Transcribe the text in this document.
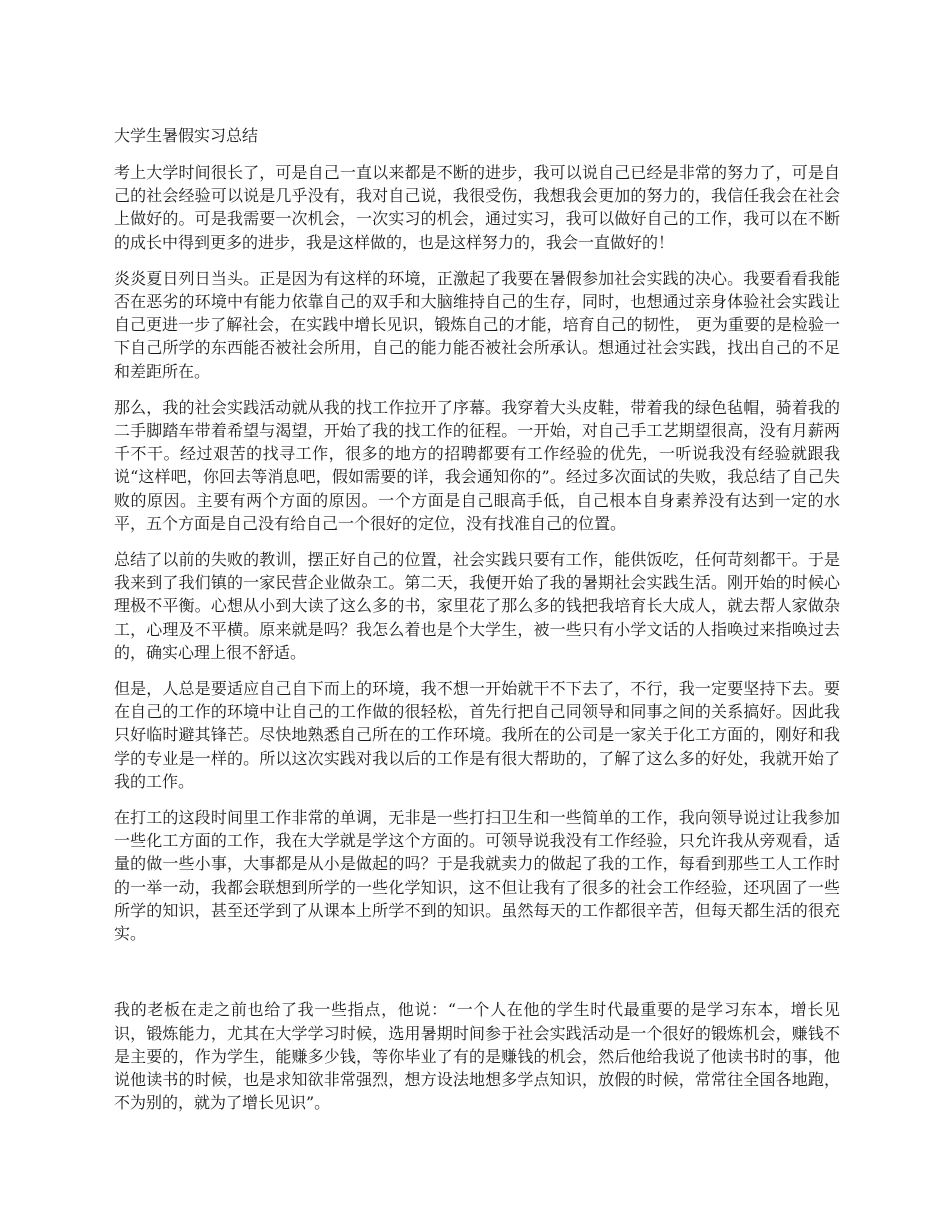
大学生暑假实习总结

考上大学时间很长了，可是自己一直以来都是不断的进步，我可以说自己已经是非常的努力了，可是自己的社会经验可以说是几乎没有，我对自己说，我很受伤，我想我会更加的努力的，我信任我会在社会上做好的。可是我需要一次机会，一次实习的机会，通过实习，我可以做好自己的工作，我可以在不断的成长中得到更多的进步，我是这样做的，也是这样努力的，我会一直做好的！

炎炎夏日列日当头。正是因为有这样的环境，正激起了我要在暑假参加社会实践的决心。我要看看我能否在恶劣的环境中有能力依靠自己的双手和大脑维持自己的生存，同时，也想通过亲身体验社会实践让自己更进一步了解社会，在实践中增长见识，锻炼自己的才能，培育自己的韧性， 更为重要的是检验一下自己所学的东西能否被社会所用，自己的能力能否被社会所承认。想通过社会实践，找出自己的不足和差距所在。

那么，我的社会实践活动就从我的找工作拉开了序幕。我穿着大头皮鞋，带着我的绿色毡帽，骑着我的二手脚踏车带着希望与渴望，开始了我的找工作的征程。一开始，对自己手工艺期望很高，没有月薪两千不干。经过艰苦的找寻工作，很多的地方的招聘都要有工作经验的优先，一听说我没有经验就跟我说“这样吧，你回去等消息吧，假如需要的详，我会通知你的”。经过多次面试的失败，我总结了自己失败的原因。主要有两个方面的原因。一个方面是自己眼高手低，自己根本自身素养没有达到一定的水平，五个方面是自己没有给自己一个很好的定位，没有找准自己的位置。

总结了以前的失败的教训，摆正好自己的位置，社会实践只要有工作，能供饭吃，任何苛刻都干。于是我来到了我们镇的一家民营企业做杂工。第二天，我便开始了我的暑期社会实践生活。刚开始的时候心理极不平衡。心想从小到大读了这么多的书，家里花了那么多的钱把我培育长大成人，就去帮人家做杂工，心理及不平横。原来就是吗？我怎么着也是个大学生，被一些只有小学文话的人指唤过来指唤过去的，确实心理上很不舒适。

但是，人总是要适应自己自下而上的环境，我不想一开始就干不下去了，不行，我一定要坚持下去。要在自己的工作的环境中让自己的工作做的很轻松，首先行把自己同领导和同事之间的关系搞好。因此我只好临时避其锋芒。尽快地熟悉自己所在的工作环境。我所在的公司是一家关于化工方面的，刚好和我学的专业是一样的。所以这次实践对我以后的工作是有很大帮助的，了解了这么多的好处，我就开始了我的工作。

在打工的这段时间里工作非常的单调，无非是一些打扫卫生和一些简单的工作，我向领导说过让我参加一些化工方面的工作，我在大学就是学这个方面的。可领导说我没有工作经验，只允许我从旁观看，适量的做一些小事，大事都是从小是做起的吗？于是我就卖力的做起了我的工作，每看到那些工人工作时的一举一动，我都会联想到所学的一些化学知识，这不但让我有了很多的社会工作经验，还巩固了一些所学的知识，甚至还学到了从课本上所学不到的知识。虽然每天的工作都很辛苦，但每天都生活的很充实。

我的老板在走之前也给了我一些指点，他说：“一个人在他的学生时代最重要的是学习东本，增长见识，锻炼能力，尤其在大学学习时候，选用暑期时间参于社会实践活动是一个很好的锻炼机会，赚钱不是主要的，作为学生，能赚多少钱，等你毕业了有的是赚钱的机会，然后他给我说了他读书时的事，他说他读书的时候，也是求知欲非常强烈，想方设法地想多学点知识，放假的时候，常常往全国各地跑，不为别的，就为了增长见识”。
